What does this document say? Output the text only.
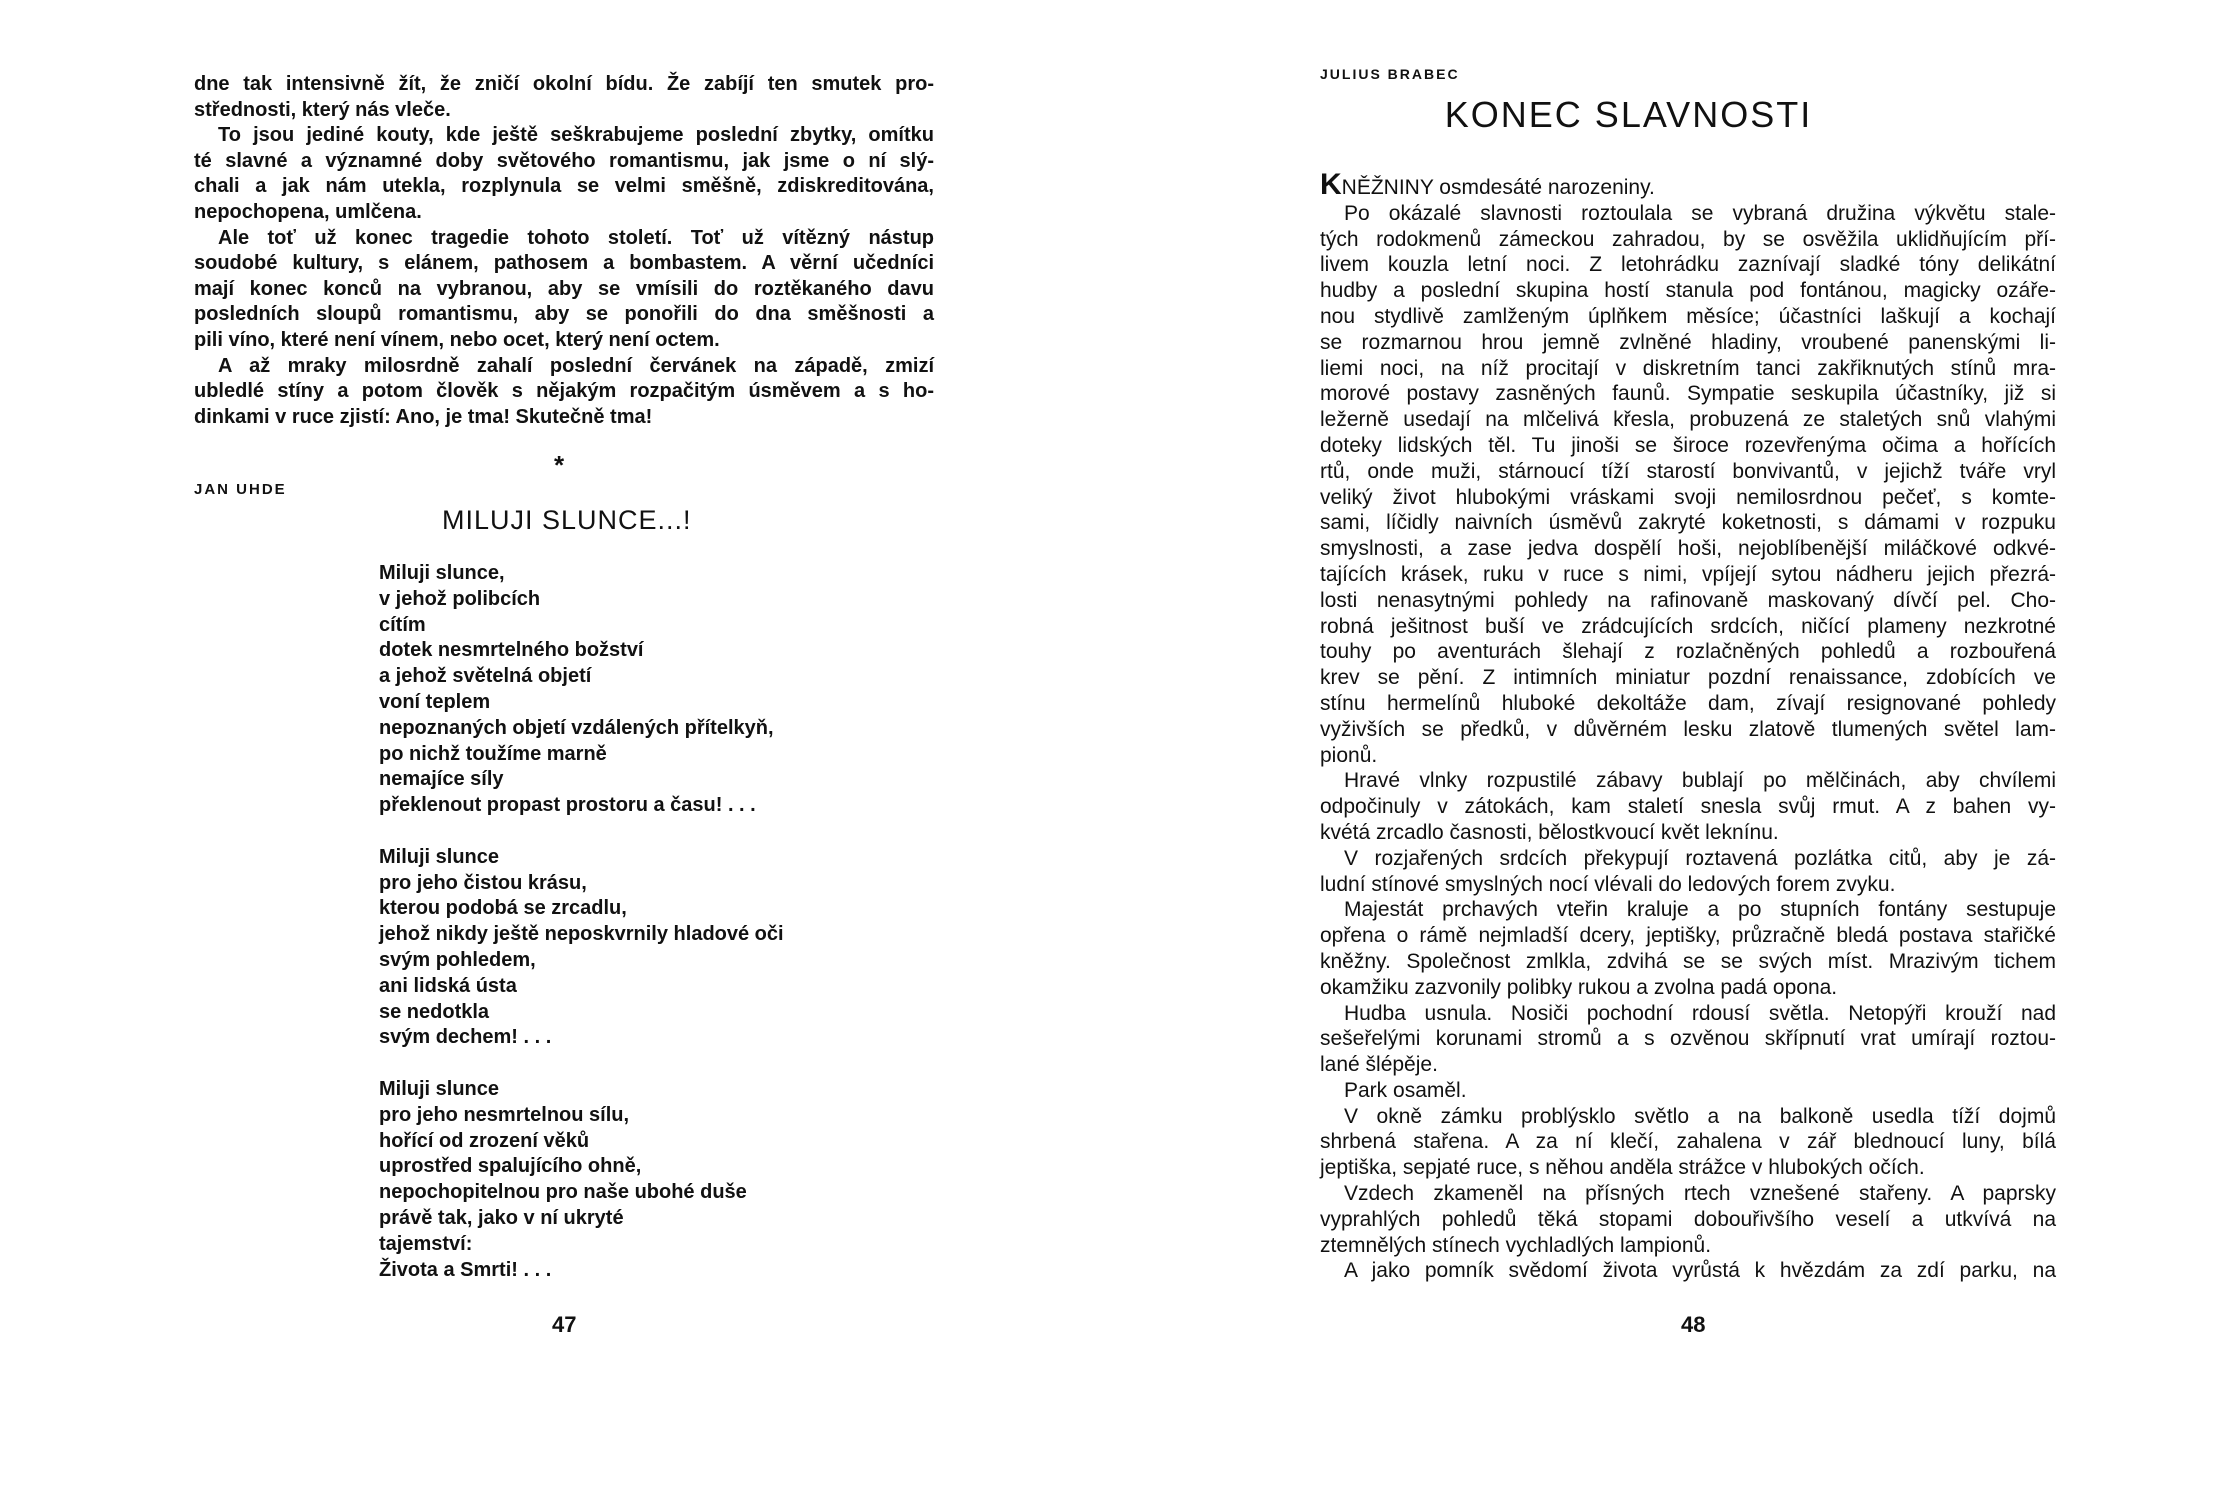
dne tak intensivně žít, že zničí okolní bídu. Že zabíjí ten smutek pro-
střednosti, který nás vleče.
To jsou jediné kouty, kde ještě seškrabujeme poslední zbytky, omítku
té slavné a významné doby světového romantismu, jak jsme o ní slý-
chali a jak nám utekla, rozplynula se velmi směšně, zdiskreditována,
nepochopena, umlčena.
Ale toť už konec tragedie tohoto století. Toť už vítězný nástup
soudobé kultury, s elánem, pathosem a bombastem. A věrní učedníci
mají konec konců na vybranou, aby se vmísili do roztěkaného davu
posledních sloupů romantismu, aby se ponořili do dna směšnosti a
pili víno, které není vínem, nebo ocet, který není octem.
A až mraky milosrdně zahalí poslední červánek na západě, zmizí
ubledlé stíny a potom člověk s nějakým rozpačitým úsměvem a s ho-
dinkami v ruce zjistí: Ano, je tma! Skutečně tma!
*
JAN UHDE
MILUJI SLUNCE...!
Miluji slunce,
v jehož polibcích
cítím
dotek nesmrtelného božství
a jehož světelná objetí
voní teplem
nepoznaných objetí vzdálených přítelkyň,
po nichž toužíme marně
nemajíce síly
překlenout propast prostoru a času! . . .
Miluji slunce
pro jeho čistou krásu,
kterou podobá se zrcadlu,
jehož nikdy ještě neposkvrnily hladové oči
svým pohledem,
ani lidská ústa
se nedotkla
svým dechem! . . .
Miluji slunce
pro jeho nesmrtelnou sílu,
hořící od zrození věků
uprostřed spalujícího ohně,
nepochopitelnou pro naše ubohé duše
právě tak, jako v ní ukryté
tajemství:
Života a Smrti! . . .
47
JULIUS BRABEC
KONEC SLAVNOSTI
KNĚŽNINY osmdesáté narozeniny.
Po okázalé slavnosti roztoulala se vybraná družina výkvětu stale-
tých rodokmenů zámeckou zahradou, by se osvěžila uklidňujícím pří-
livem kouzla letní noci. Z letohrádku zaznívají sladké tóny delikátní
hudby a poslední skupina hostí stanula pod fontánou, magicky ozáře-
nou stydlivě zamlženým úplňkem měsíce; účastníci laškují a kochají
se rozmarnou hrou jemně zvlněné hladiny, vroubené panenskými li-
liemi noci, na níž procitají v diskretním tanci zakřiknutých stínů mra-
morové postavy zasněných faunů. Sympatie seskupila účastníky, již si
ležerně usedají na mlčelivá křesla, probuzená ze staletých snů vlahými
doteky lidských těl. Tu jinoši se široce rozevřenýma očima a hořících
rtů, onde muži, stárnoucí tíží starostí bonvivantů, v jejichž tváře vryl
veliký život hlubokými vráskami svoji nemilosrdnou pečeť, s komte-
sami, líčidly naivních úsměvů zakryté koketnosti, s dámami v rozpuku
smyslnosti, a zase jedva dospělí hoši, nejoblíbenější miláčkové odkvé-
tajících krásek, ruku v ruce s nimi, vpíjejí sytou nádheru jejich přezrá-
losti nenasytnými pohledy na rafinovaně maskovaný dívčí pel. Cho-
robná ješitnost buší ve zrádcujících srdcích, ničící plameny nezkrotné
touhy po aventurách šlehají z rozlačněných pohledů a rozbouřená
krev se pění. Z intimních miniatur pozdní renaissance, zdobících ve
stínu hermelínů hluboké dekoltáže dam, zívají resignované pohledy
vyživších se předků, v důvěrném lesku zlatově tlumených světel lam-
pionů.
Hravé vlnky rozpustilé zábavy bublají po mělčinách, aby chvílemi
odpočinuly v zátokách, kam staletí snesla svůj rmut. A z bahen vy-
kvétá zrcadlo časnosti, bělostkvoucí květ leknínu.
V rozjařených srdcích překypují roztavená pozlátka citů, aby je zá-
ludní stínové smyslných nocí vlévali do ledových forem zvyku.
Majestát prchavých vteřin kraluje a po stupních fontány sestupuje
opřena o rámě nejmladší dcery, jeptišky, průzračně bledá postava stařičké
kněžny. Společnost zmlkla, zdvihá se se svých míst. Mrazivým tichem
okamžiku zazvonily polibky rukou a zvolna padá opona.
Hudba usnula. Nosiči pochodní rdousí světla. Netopýři krouží nad
sešeřelými korunami stromů a s ozvěnou skřípnutí vrat umírají roztou-
lané šlépěje.
Park osaměl.
V okně zámku problýsklo světlo a na balkoně usedla tíží dojmů
shrbená stařena. A za ní klečí, zahalena v zář blednoucí luny, bílá
jeptiška, sepjaté ruce, s něhou anděla strážce v hlubokých očích.
Vzdech zkameněl na přísných rtech vznešené stařeny. A paprsky
vyprahlých pohledů těká stopami dobouřivšího veselí a utkvívá na
ztemnělých stínech vychladlých lampionů.
A jako pomník svědomí života vyrůstá k hvězdám za zdí parku, na
48
